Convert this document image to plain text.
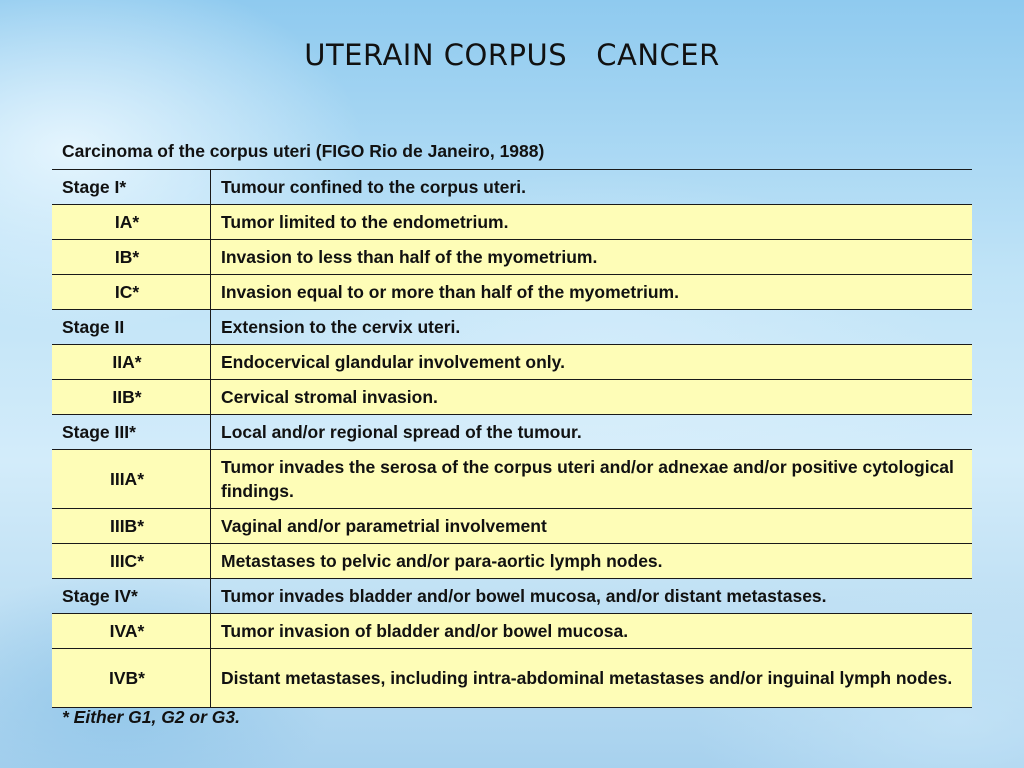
UTERAIN CORPUS   CANCER
Carcinoma of the corpus uteri (FIGO Rio de Janeiro, 1988)
Stage I*	Tumour confined to the corpus uteri.
IA*	Tumor limited to the endometrium.
IB*	Invasion to less than half of the myometrium.
IC*	Invasion equal to or more than half of the myometrium.
Stage II	Extension to the cervix uteri.
IIA*	Endocervical glandular involvement only.
IIB*	Cervical stromal invasion.
Stage III*	Local and/or regional spread of the tumour.
IIIA*	Tumor invades the serosa of the corpus uteri and/or adnexae and/or positive cytological findings.
IIIB*	Vaginal and/or parametrial involvement
IIIC*	Metastases to pelvic and/or para-aortic lymph nodes.
Stage IV*	Tumor invades bladder and/or bowel mucosa, and/or distant metastases.
IVA*	Tumor invasion of bladder and/or bowel mucosa.
IVB*	Distant metastases, including intra-abdominal metastases and/or inguinal lymph nodes.
* Either G1, G2 or G3.
